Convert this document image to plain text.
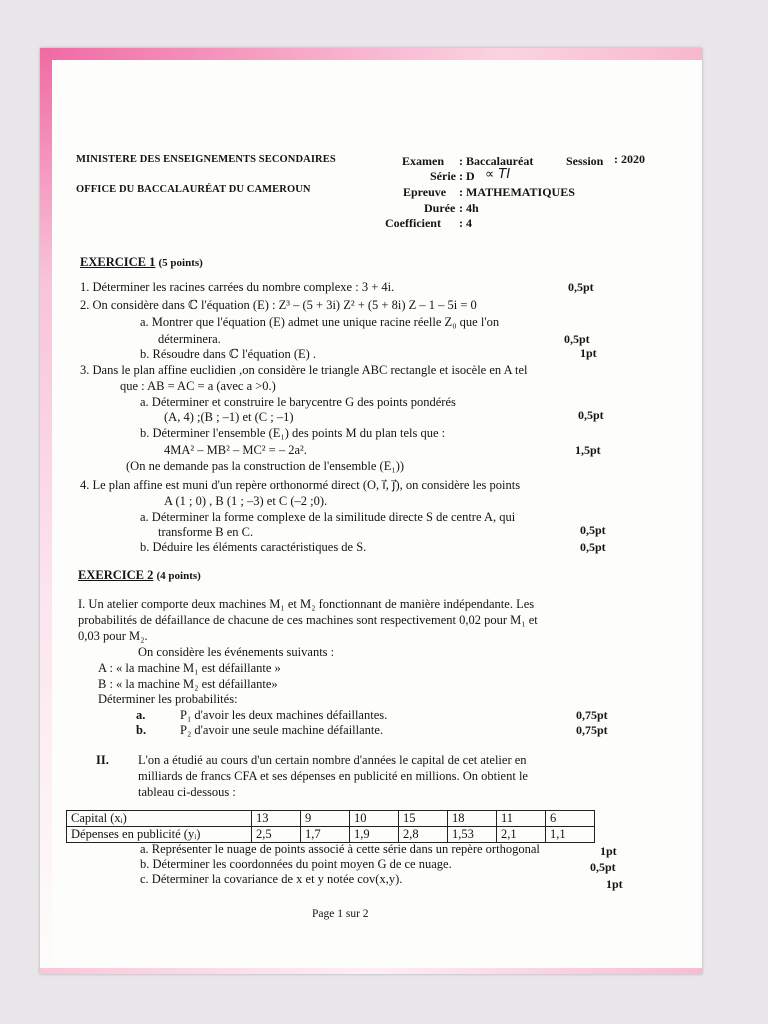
MINISTERE DES ENSEIGNEMENTS SECONDAIRES
OFFICE DU BACCALAURÉAT DU CAMEROUN
Examen : Baccalauréat	Session : 2020
Série : D ∝ TI
Epreuve : MATHEMATIQUES
Durée : 4h
Coefficient : 4
EXERCICE 1 (5 points)
1. Déterminer les racines carrées du nombre complexe : 3 + 4i.	0,5pt
2. On considère dans ℂ l'équation (E) : Z³ – (5 + 3i) Z² + (5 + 8i) Z – 1 – 5i = 0
a. Montrer que l'équation (E) admet une unique racine réelle Z₀ que l'on
déterminera.	0,5pt
b. Résoudre dans ℂ l'équation (E) .	1pt
3. Dans le plan affine euclidien ,on considère le triangle ABC rectangle et isocèle en A tel
que : AB = AC = a (avec a >0.)
a. Déterminer et construire le barycentre G des points pondérés
(A, 4) ;(B ; –1) et (C ; –1)	0,5pt
b. Déterminer l'ensemble (E₁) des points M du plan tels que :
4MA² – MB² – MC² = – 2a².	1,5pt
(On ne demande pas la construction de l'ensemble (E₁))
4. Le plan affine est muni d'un repère orthonormé direct (O, i⃗, j⃗), on considère les points
A (1 ; 0) , B (1 ; –3) et C (–2 ;0).
a. Déterminer la forme complexe de la similitude directe S de centre A, qui
transforme B en C.	0,5pt
b. Déduire les éléments caractéristiques de S.	0,5pt
EXERCICE 2 (4 points)
I. Un atelier comporte deux machines M₁ et M₂ fonctionnant de manière indépendante. Les
probabilités de défaillance de chacune de ces machines sont respectivement 0,02 pour M₁ et
0,03 pour M₂.
On considère les événements suivants :
A : « la machine M₁ est défaillante »
B : « la machine M₂ est défaillante»
Déterminer les probabilités:
a.	P₁ d'avoir les deux machines défaillantes.	0,75pt
b.	P₂ d'avoir une seule machine défaillante.	0,75pt
II. L'on a étudié au cours d'un certain nombre d'années le capital de cet atelier en
milliards de francs CFA et ses dépenses en publicité en millions. On obtient le
tableau ci-dessous :
Capital (xᵢ)	13	9	10	15	18	11	6
Dépenses en publicité (yᵢ)	2,5	1,7	1,9	2,8	1,53	2,1	1,1
a. Représenter le nuage de points associé à cette série dans un repère orthogonal	1pt
b. Déterminer les coordonnées du point moyen G de ce nuage.	0,5pt
c. Déterminer la covariance de x et y notée cov(x,y).	1pt
Page 1 sur 2
